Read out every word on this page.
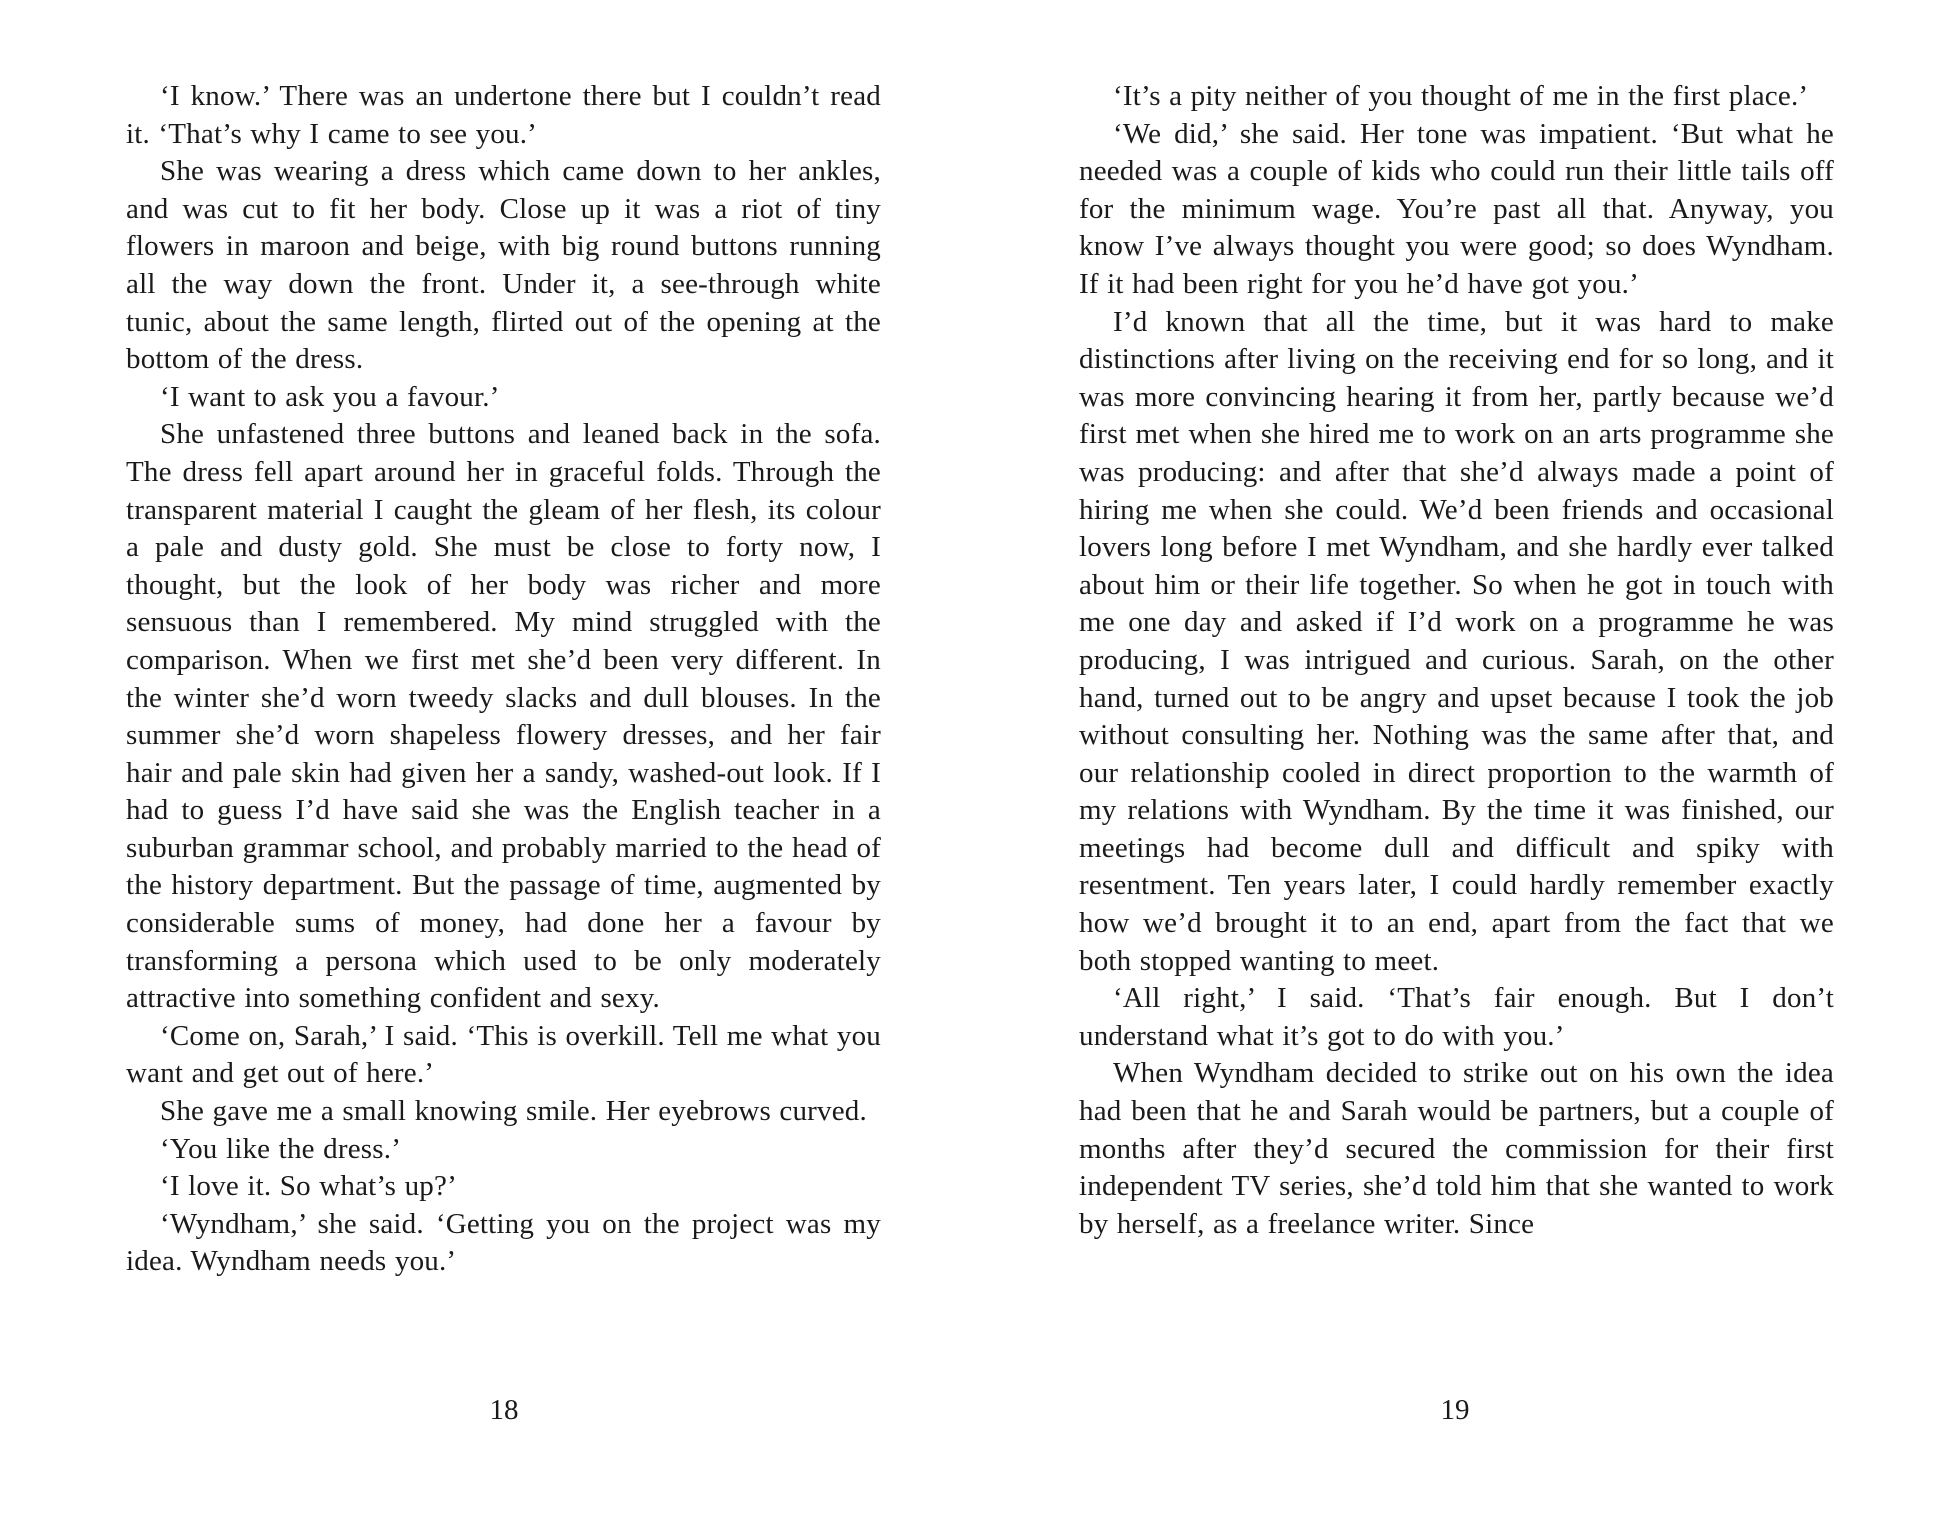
‘I know.’ There was an undertone there but I couldn’t read it. ‘That’s why I came to see you.’

She was wearing a dress which came down to her ankles, and was cut to fit her body. Close up it was a riot of tiny flowers in maroon and beige, with big round buttons running all the way down the front. Under it, a see-through white tunic, about the same length, flirted out of the opening at the bottom of the dress.

‘I want to ask you a favour.’

She unfastened three buttons and leaned back in the sofa. The dress fell apart around her in graceful folds. Through the transparent material I caught the gleam of her flesh, its colour a pale and dusty gold. She must be close to forty now, I thought, but the look of her body was richer and more sensuous than I remembered. My mind struggled with the comparison. When we first met she’d been very different. In the winter she’d worn tweedy slacks and dull blouses. In the summer she’d worn shapeless flowery dresses, and her fair hair and pale skin had given her a sandy, washed-out look. If I had to guess I’d have said she was the English teacher in a suburban grammar school, and probably married to the head of the history department. But the passage of time, augmented by considerable sums of money, had done her a favour by transforming a persona which used to be only moderately attractive into something confident and sexy.

‘Come on, Sarah,’ I said. ‘This is overkill. Tell me what you want and get out of here.’

She gave me a small knowing smile. Her eyebrows curved.

‘You like the dress.’

‘I love it. So what’s up?’

‘Wyndham,’ she said. ‘Getting you on the project was my idea. Wyndham needs you.’

18

‘It’s a pity neither of you thought of me in the first place.’

‘We did,’ she said. Her tone was impatient. ‘But what he needed was a couple of kids who could run their little tails off for the minimum wage. You’re past all that. Anyway, you know I’ve always thought you were good; so does Wyndham. If it had been right for you he’d have got you.’

I’d known that all the time, but it was hard to make distinctions after living on the receiving end for so long, and it was more convincing hearing it from her, partly because we’d first met when she hired me to work on an arts programme she was producing: and after that she’d always made a point of hiring me when she could. We’d been friends and occasional lovers long before I met Wyndham, and she hardly ever talked about him or their life together. So when he got in touch with me one day and asked if I’d work on a programme he was producing, I was intrigued and curious. Sarah, on the other hand, turned out to be angry and upset because I took the job without consulting her. Nothing was the same after that, and our relationship cooled in direct proportion to the warmth of my relations with Wyndham. By the time it was finished, our meetings had become dull and difficult and spiky with resentment. Ten years later, I could hardly remember exactly how we’d brought it to an end, apart from the fact that we both stopped wanting to meet.

‘All right,’ I said. ‘That’s fair enough. But I don’t understand what it’s got to do with you.’

When Wyndham decided to strike out on his own the idea had been that he and Sarah would be partners, but a couple of months after they’d secured the commission for their first independent TV series, she’d told him that she wanted to work by herself, as a freelance writer. Since

19
